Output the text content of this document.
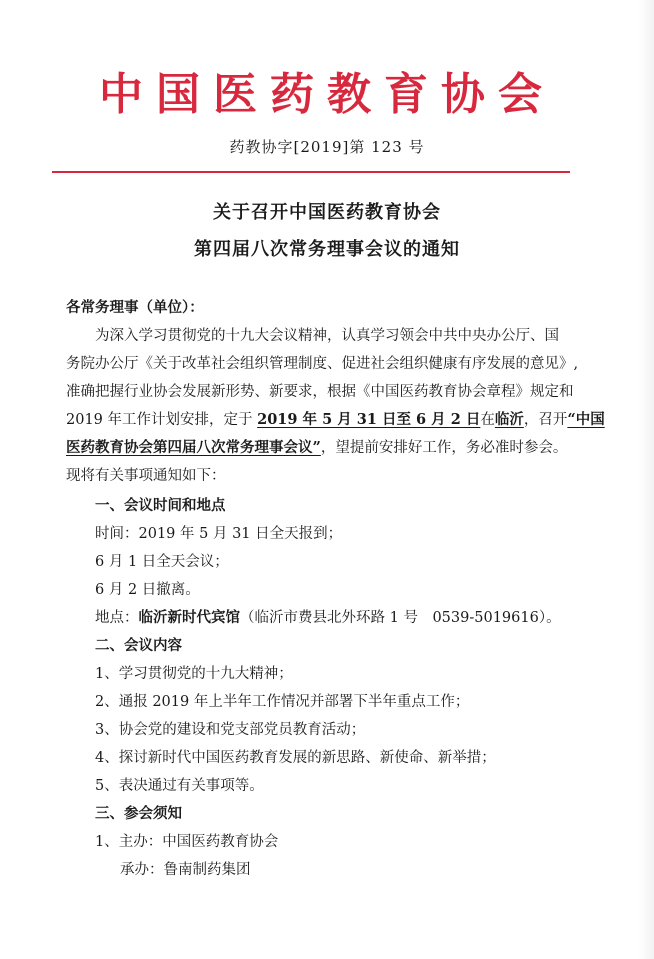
中国医药教育协会
药教协字[2019]第 123 号
关于召开中国医药教育协会
第四届八次常务理事会议的通知
各常务理事（单位）：
为深入学习贯彻党的十九大会议精神，认真学习领会中共中央办公厅、国
务院办公厅《关于改革社会组织管理制度、促进社会组织健康有序发展的意见》,
准确把握行业协会发展新形势、新要求，根据《中国医药教育协会章程》规定和
2019 年工作计划安排，定于 2019 年 5 月 31 日至 6 月 2 日在临沂，召开“中国
医药教育协会第四届八次常务理事会议”，望提前安排好工作，务必准时参会。
现将有关事项通知如下：
一、会议时间和地点
时间：2019 年 5 月 31 日全天报到；
6 月 1 日全天会议；
6 月 2 日撤离。
地点：临沂新时代宾馆（临沂市费县北外环路 1 号　0539-5019616）。
二、会议内容
1、学习贯彻党的十九大精神；
2、通报 2019 年上半年工作情况并部署下半年重点工作；
3、协会党的建设和党支部党员教育活动；
4、探讨新时代中国医药教育发展的新思路、新使命、新举措；
5、表决通过有关事项等。
三、参会须知
1、主办：中国医药教育协会
承办：鲁南制药集团
